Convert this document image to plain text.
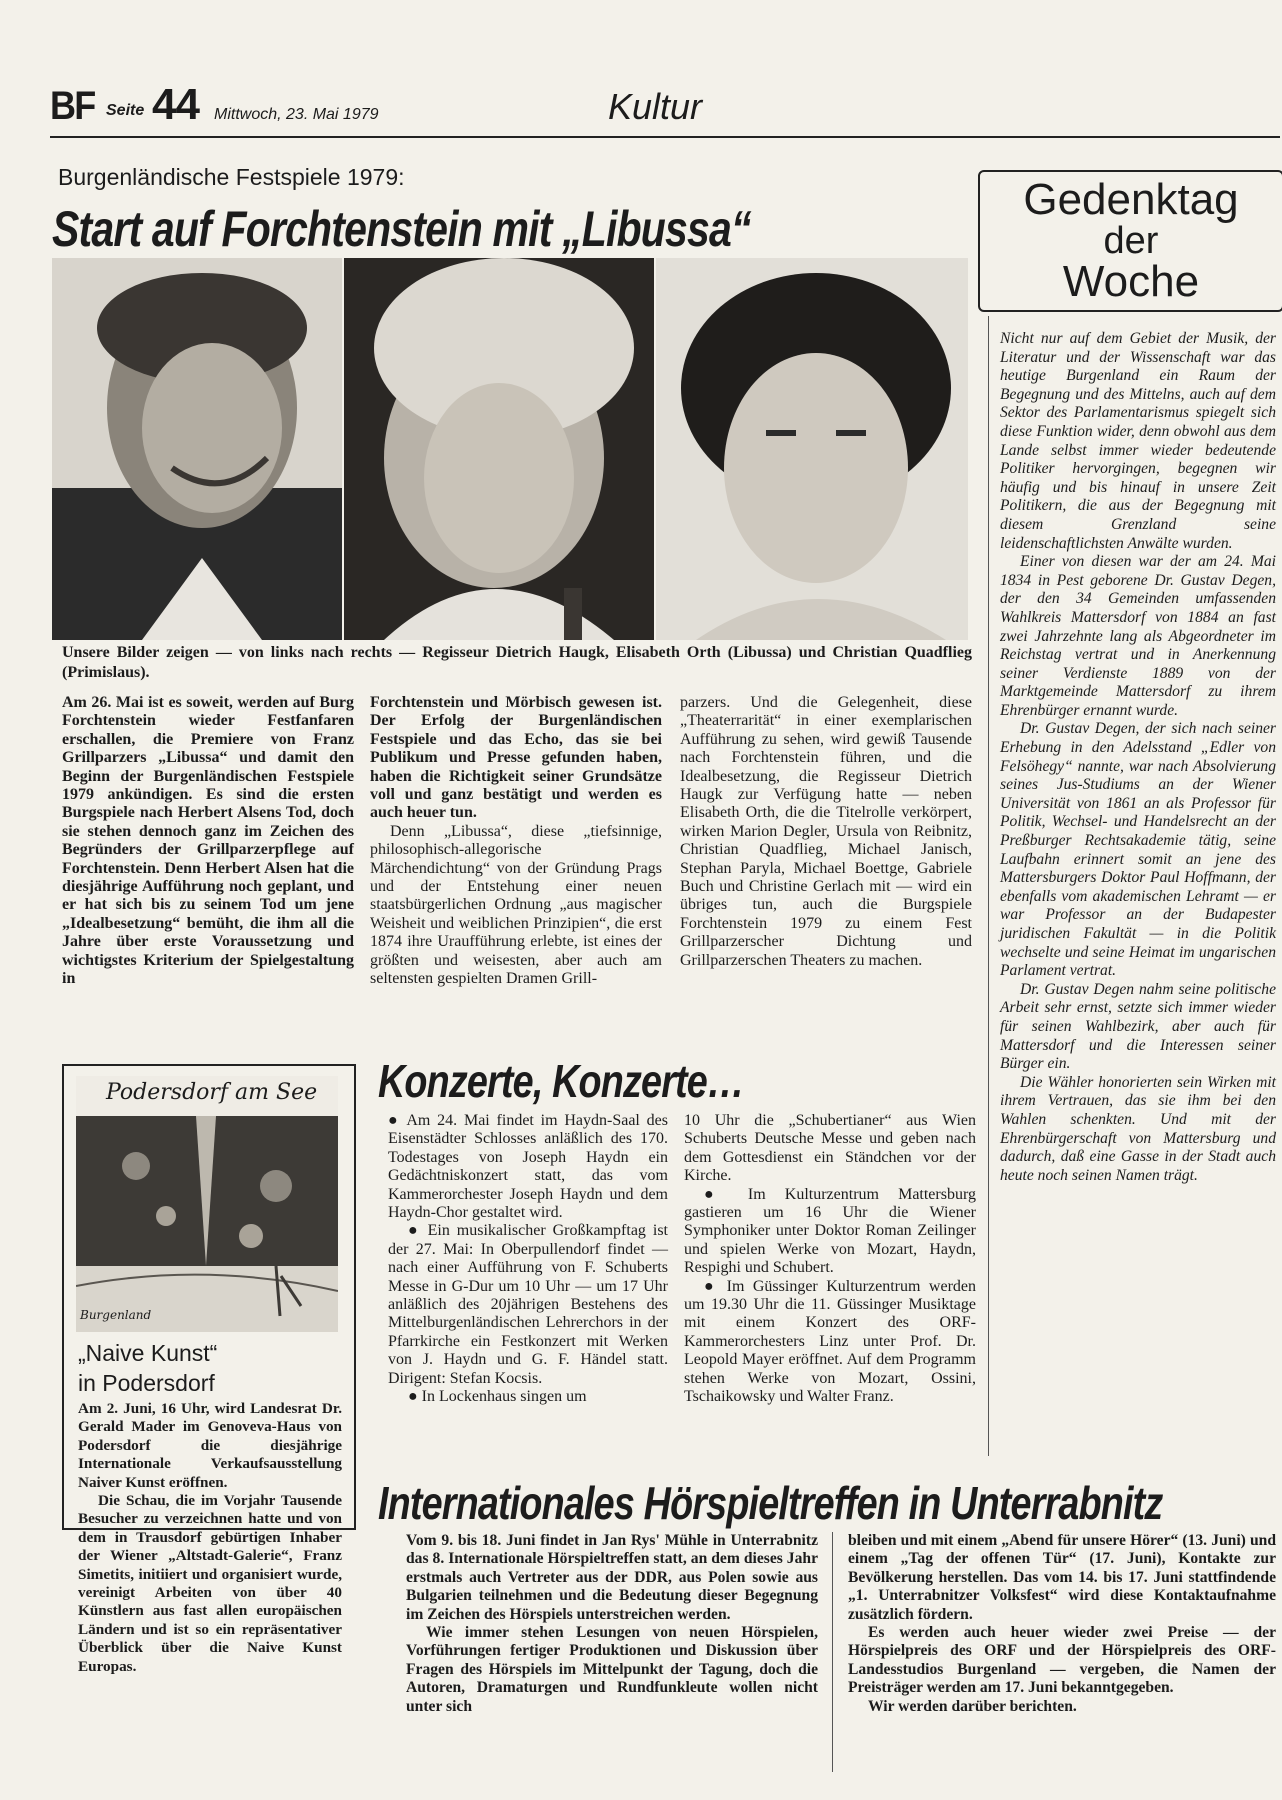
BF Seite 44 Mittwoch, 23. Mai 1979	Kultur
Burgenländische Festspiele 1979:
Start auf Forchtenstein mit „Libussa“
Unsere Bilder zeigen — von links nach rechts — Regisseur Dietrich Haugk, Elisabeth Orth (Libussa) und Christian Quadflieg (Primislaus).

Am 26. Mai ist es soweit, werden auf Burg Forchtenstein wieder Festfanfaren erschallen, die Premiere von Franz Grillparzers „Libussa“ und damit den Beginn der Burgenländischen Festspiele 1979 ankündigen. Es sind die ersten Burgspiele nach Herbert Alsens Tod, doch sie stehen dennoch ganz im Zeichen des Begründers der Grillparzerpflege auf Forchtenstein. Denn Herbert Alsen hat die diesjährige Aufführung noch geplant, und er hat sich bis zu seinem Tod um jene „Idealbesetzung“ bemüht, die ihm all die Jahre über erste Voraussetzung und wichtigstes Kriterium der Spielgestaltung in

Forchtenstein und Mörbisch gewesen ist. Der Erfolg der Burgenländischen Festspiele und das Echo, das sie bei Publikum und Presse gefunden haben, haben die Richtigkeit seiner Grundsätze voll und ganz bestätigt und werden es auch heuer tun.

Denn „Libussa“, diese „tiefsinnige, philosophisch-allegorische Märchendichtung“ von der Gründung Prags und der Entstehung einer neuen staatsbürgerlichen Ordnung „aus magischer Weisheit und weiblichen Prinzipien“, die erst 1874 ihre Uraufführung erlebte, ist eines der größten und weisesten, aber auch am seltensten gespielten Dramen Grill-

parzers. Und die Gelegenheit, diese „Theaterrarität“ in einer exemplarischen Aufführung zu sehen, wird gewiß Tausende nach Forchtenstein führen, und die Idealbesetzung, die Regisseur Dietrich Haugk zur Verfügung hatte — neben Elisabeth Orth, die die Titelrolle verkörpert, wirken Marion Degler, Ursula von Reibnitz, Christian Quadflieg, Michael Janisch, Stephan Paryla, Michael Boettge, Gabriele Buch und Christine Gerlach mit — wird ein übriges tun, auch die Burgspiele Forchtenstein 1979 zu einem Fest Grillparzerscher Dichtung und Grillparzerschen Theaters zu machen.

Gedenktag
der
Woche

Nicht nur auf dem Gebiet der Musik, der Literatur und der Wissenschaft war das heutige Burgenland ein Raum der Begegnung und des Mittelns, auch auf dem Sektor des Parlamentarismus spiegelt sich diese Funktion wider, denn obwohl aus dem Lande selbst immer wieder bedeutende Politiker hervorgingen, begegnen wir häufig und bis hinauf in unsere Zeit Politikern, die aus der Begegnung mit diesem Grenzland seine leidenschaftlichsten Anwälte wurden.

Einer von diesen war der am 24. Mai 1834 in Pest geborene Dr. Gustav Degen, der den 34 Gemeinden umfassenden Wahlkreis Mattersdorf von 1884 an fast zwei Jahrzehnte lang als Abgeordneter im Reichstag vertrat und in Anerkennung seiner Verdienste 1889 von der Marktgemeinde Mattersdorf zu ihrem Ehrenbürger ernannt wurde.

Dr. Gustav Degen, der sich nach seiner Erhebung in den Adelsstand „Edler von Felsöhegy“ nannte, war nach Absolvierung seines Jus-Studiums an der Wiener Universität von 1861 an als Professor für Politik, Wechsel- und Handelsrecht an der Preßburger Rechtsakademie tätig, seine Laufbahn erinnert somit an jene des Mattersburgers Doktor Paul Hoffmann, der ebenfalls vom akademischen Lehramt — er war Professor an der Budapester juridischen Fakultät — in die Politik wechselte und seine Heimat im ungarischen Parlament vertrat.

Dr. Gustav Degen nahm seine politische Arbeit sehr ernst, setzte sich immer wieder für seinen Wahlbezirk, aber auch für Mattersdorf und die Interessen seiner Bürger ein.

Die Wähler honorierten sein Wirken mit ihrem Vertrauen, das sie ihm bei den Wahlen schenkten. Und mit der Ehrenbürgerschaft von Mattersburg und dadurch, daß eine Gasse in der Stadt auch heute noch seinen Namen trägt.

Podersdorf am See
Burgenland
„Naive Kunst“
in Podersdorf

Am 2. Juni, 16 Uhr, wird Landesrat Dr. Gerald Mader im Genoveva-Haus von Podersdorf die diesjährige Internationale Verkaufsausstellung Naiver Kunst eröffnen.

Die Schau, die im Vorjahr Tausende Besucher zu verzeichnen hatte und von dem in Trausdorf gebürtigen Inhaber der Wiener „Altstadt-Galerie“, Franz Simetits, initiiert und organisiert wurde, vereinigt Arbeiten von über 40 Künstlern aus fast allen europäischen Ländern und ist so ein repräsentativer Überblick über die Naive Kunst Europas.

Konzerte, Konzerte…

● Am 24. Mai findet im Haydn-Saal des Eisenstädter Schlosses anläßlich des 170. Todestages von Joseph Haydn ein Gedächtniskonzert statt, das vom Kammerorchester Joseph Haydn und dem Haydn-Chor gestaltet wird.

● Ein musikalischer Großkampftag ist der 27. Mai: In Oberpullendorf findet — nach einer Aufführung von F. Schuberts Messe in G-Dur um 10 Uhr — um 17 Uhr anläßlich des 20jährigen Bestehens des Mittelburgenländischen Lehrerchors in der Pfarrkirche ein Festkonzert mit Werken von J. Haydn und G. F. Händel statt. Dirigent: Stefan Kocsis.

● In Lockenhaus singen um

10 Uhr die „Schubertianer“ aus Wien Schuberts Deutsche Messe und geben nach dem Gottesdienst ein Ständchen vor der Kirche.

● Im Kulturzentrum Mattersburg gastieren um 16 Uhr die Wiener Symphoniker unter Doktor Roman Zeilinger und spielen Werke von Mozart, Haydn, Respighi und Schubert.

● Im Güssinger Kulturzentrum werden um 19.30 Uhr die 11. Güssinger Musiktage mit einem Konzert des ORF-Kammerorchesters Linz unter Prof. Dr. Leopold Mayer eröffnet. Auf dem Programm stehen Werke von Mozart, Ossini, Tschaikowsky und Walter Franz.

Internationales Hörspieltreffen in Unterrabnitz

Vom 9. bis 18. Juni findet in Jan Rys' Mühle in Unterrabnitz das 8. Internationale Hörspieltreffen statt, an dem dieses Jahr erstmals auch Vertreter aus der DDR, aus Polen sowie aus Bulgarien teilnehmen und die Bedeutung dieser Begegnung im Zeichen des Hörspiels unterstreichen werden.

Wie immer stehen Lesungen von neuen Hörspielen, Vorführungen fertiger Produktionen und Diskussion über Fragen des Hörspiels im Mittelpunkt der Tagung, doch die Autoren, Dramaturgen und Rundfunkleute wollen nicht unter sich

bleiben und mit einem „Abend für unsere Hörer“ (13. Juni) und einem „Tag der offenen Tür“ (17. Juni), Kontakte zur Bevölkerung herstellen. Das vom 14. bis 17. Juni stattfindende „1. Unterrabnitzer Volksfest“ wird diese Kontaktaufnahme zusätzlich fördern.

Es werden auch heuer wieder zwei Preise — der Hörspielpreis des ORF und der Hörspielpreis des ORF-Landesstudios Burgenland — vergeben, die Namen der Preisträger werden am 17. Juni bekanntgegeben.

Wir werden darüber berichten.
